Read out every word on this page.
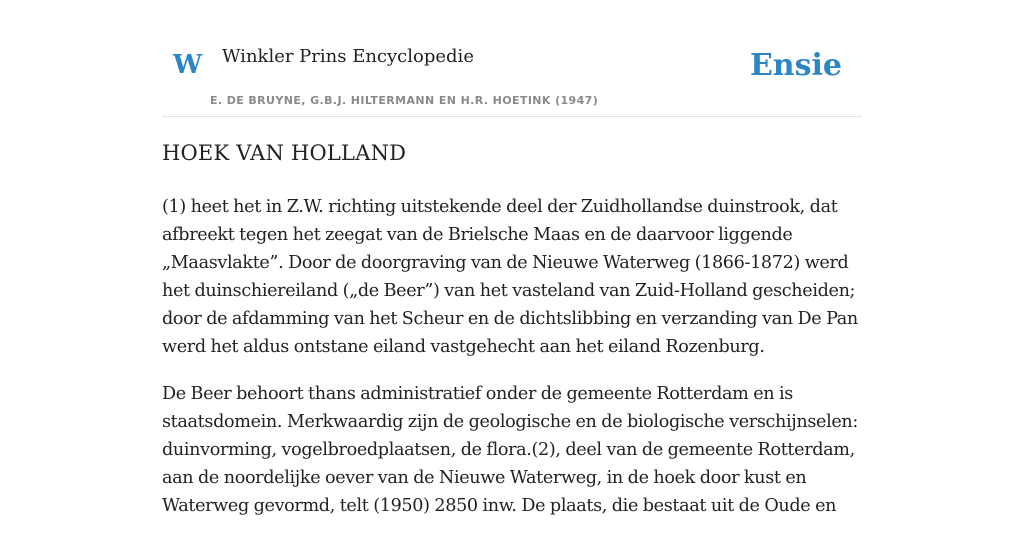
W Winkler Prins Encyclopedie
E. DE BRUYNE, G.B.J. HILTERMANN EN H.R. HOETINK (1947)
Ensie
HOEK VAN HOLLAND

(1) heet het in Z.W. richting uitstekende deel der Zuidhollandse duinstrook, dat afbreekt tegen het zeegat van de Brielsche Maas en de daarvoor liggende „Maasvlakte”. Door de doorgraving van de Nieuwe Waterweg (1866-1872) werd het duinschiereiland („de Beer”) van het vasteland van Zuid-Holland gescheiden; door de afdamming van het Scheur en de dichtslibbing en verzanding van De Pan werd het aldus ontstane eiland vastgehecht aan het eiland Rozenburg.

De Beer behoort thans administratief onder de gemeente Rotterdam en is staatsdomein. Merkwaardig zijn de geologische en de biologische verschijnselen: duinvorming, vogelbroedplaatsen, de flora.(2), deel van de gemeente Rotterdam, aan de noordelijke oever van de Nieuwe Waterweg, in de hoek door kust en Waterweg gevormd, telt (1950) 2850 inw. De plaats, die bestaat uit de Oude en
